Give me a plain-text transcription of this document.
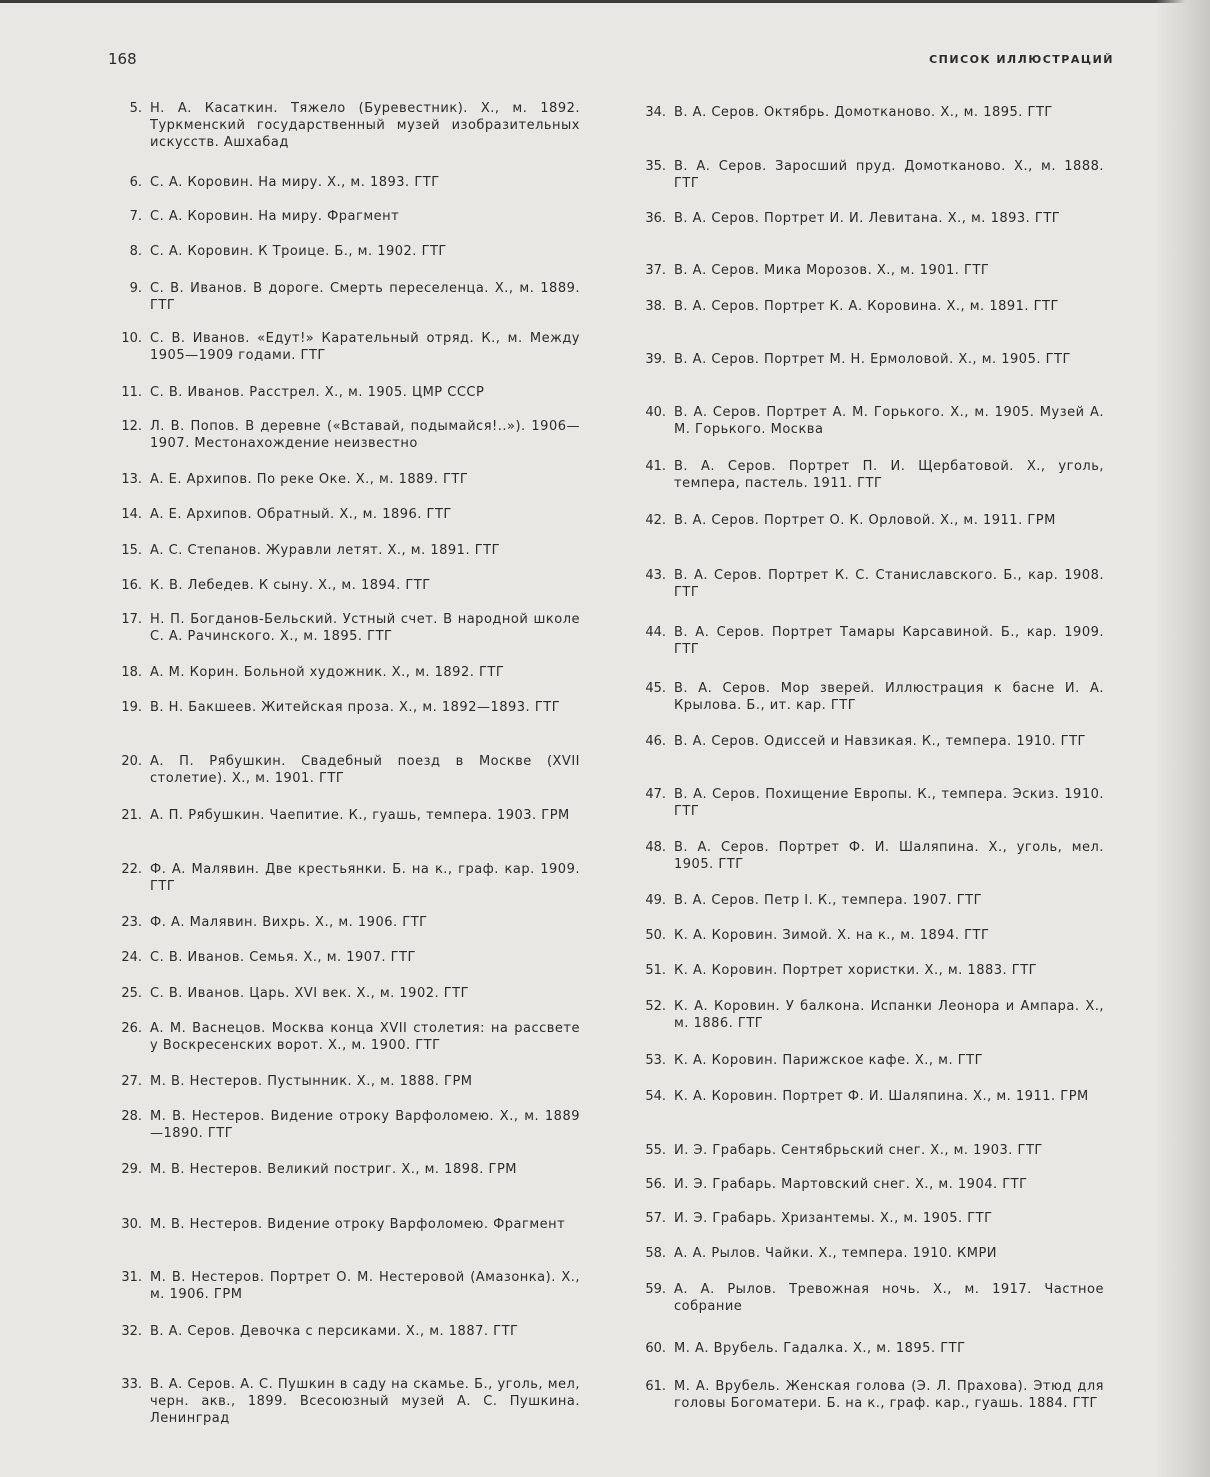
168	СПИСОК ИЛЛЮСТРАЦИЙ
5. Н. А. Касаткин. Тяжело (Буревестник). Х., м. 1892. Туркменский государственный музей изобразительных искусств. Ашхабад
6. С. А. Коровин. На миру. Х., м. 1893. ГТГ
7. С. А. Коровин. На миру. Фрагмент
8. С. А. Коровин. К Троице. Б., м. 1902. ГТГ
9. С. В. Иванов. В дороге. Смерть переселенца. Х., м. 1889. ГТГ
10. С. В. Иванов. «Едут!» Карательный отряд. К., м. Между 1905—1909 годами. ГТГ
11. С. В. Иванов. Расстрел. Х., м. 1905. ЦМР СССР
12. Л. В. Попов. В деревне («Вставай, подымайся!..»). 1906—1907. Местонахождение неизвестно
13. А. Е. Архипов. По реке Оке. Х., м. 1889. ГТГ
14. А. Е. Архипов. Обратный. Х., м. 1896. ГТГ
15. А. С. Степанов. Журавли летят. Х., м. 1891. ГТГ
16. К. В. Лебедев. К сыну. Х., м. 1894. ГТГ
17. Н. П. Богданов-Бельский. Устный счет. В народной школе С. А. Рачинского. Х., м. 1895. ГТГ
18. А. М. Корин. Больной художник. Х., м. 1892. ГТГ
19. В. Н. Бакшеев. Житейская проза. Х., м. 1892—1893. ГТГ
20. А. П. Рябушкин. Свадебный поезд в Москве (XVII столетие). Х., м. 1901. ГТГ
21. А. П. Рябушкин. Чаепитие. К., гуашь, темпера. 1903. ГРМ
22. Ф. А. Малявин. Две крестьянки. Б. на к., граф. кар. 1909. ГТГ
23. Ф. А. Малявин. Вихрь. Х., м. 1906. ГТГ
24. С. В. Иванов. Семья. Х., м. 1907. ГТГ
25. С. В. Иванов. Царь. XVI век. Х., м. 1902. ГТГ
26. А. М. Васнецов. Москва конца XVII столетия: на рассвете у Воскресенских ворот. Х., м. 1900. ГТГ
27. М. В. Нестеров. Пустынник. Х., м. 1888. ГРМ
28. М. В. Нестеров. Видение отроку Варфоломею. Х., м. 1889—1890. ГТГ
29. М. В. Нестеров. Великий постриг. Х., м. 1898. ГРМ
30. М. В. Нестеров. Видение отроку Варфоломею. Фрагмент
31. М. В. Нестеров. Портрет О. М. Нестеровой (Амазонка). Х., м. 1906. ГРМ
32. В. А. Серов. Девочка с персиками. Х., м. 1887. ГТГ
33. В. А. Серов. А. С. Пушкин в саду на скамье. Б., уголь, мел, черн. акв., 1899. Всесоюзный музей А. С. Пушкина. Ленинград
34. В. А. Серов. Октябрь. Домотканово. Х., м. 1895. ГТГ
35. В. А. Серов. Заросший пруд. Домотканово. Х., м. 1888. ГТГ
36. В. А. Серов. Портрет И. И. Левитана. Х., м. 1893. ГТГ
37. В. А. Серов. Мика Морозов. Х., м. 1901. ГТГ
38. В. А. Серов. Портрет К. А. Коровина. Х., м. 1891. ГТГ
39. В. А. Серов. Портрет М. Н. Ермоловой. Х., м. 1905. ГТГ
40. В. А. Серов. Портрет А. М. Горького. Х., м. 1905. Музей А. М. Горького. Москва
41. В. А. Серов. Портрет П. И. Щербатовой. Х., уголь, темпера, пастель. 1911. ГТГ
42. В. А. Серов. Портрет О. К. Орловой. Х., м. 1911. ГРМ
43. В. А. Серов. Портрет К. С. Станиславского. Б., кар. 1908. ГТГ
44. В. А. Серов. Портрет Тамары Карсавиной. Б., кар. 1909. ГТГ
45. В. А. Серов. Мор зверей. Иллюстрация к басне И. А. Крылова. Б., ит. кар. ГТГ
46. В. А. Серов. Одиссей и Навзикая. К., темпера. 1910. ГТГ
47. В. А. Серов. Похищение Европы. К., темпера. Эскиз. 1910. ГТГ
48. В. А. Серов. Портрет Ф. И. Шаляпина. Х., уголь, мел. 1905. ГТГ
49. В. А. Серов. Петр I. К., темпера. 1907. ГТГ
50. К. А. Коровин. Зимой. Х. на к., м. 1894. ГТГ
51. К. А. Коровин. Портрет хористки. Х., м. 1883. ГТГ
52. К. А. Коровин. У балкона. Испанки Леонора и Ампара. Х., м. 1886. ГТГ
53. К. А. Коровин. Парижское кафе. Х., м. ГТГ
54. К. А. Коровин. Портрет Ф. И. Шаляпина. Х., м. 1911. ГРМ
55. И. Э. Грабарь. Сентябрьский снег. Х., м. 1903. ГТГ
56. И. Э. Грабарь. Мартовский снег. Х., м. 1904. ГТГ
57. И. Э. Грабарь. Хризантемы. Х., м. 1905. ГТГ
58. А. А. Рылов. Чайки. Х., темпера. 1910. КМРИ
59. А. А. Рылов. Тревожная ночь. Х., м. 1917. Частное собрание
60. М. А. Врубель. Гадалка. Х., м. 1895. ГТГ
61. М. А. Врубель. Женская голова (Э. Л. Прахова). Этюд для головы Богоматери. Б. на к., граф. кар., гуашь. 1884. ГТГ
